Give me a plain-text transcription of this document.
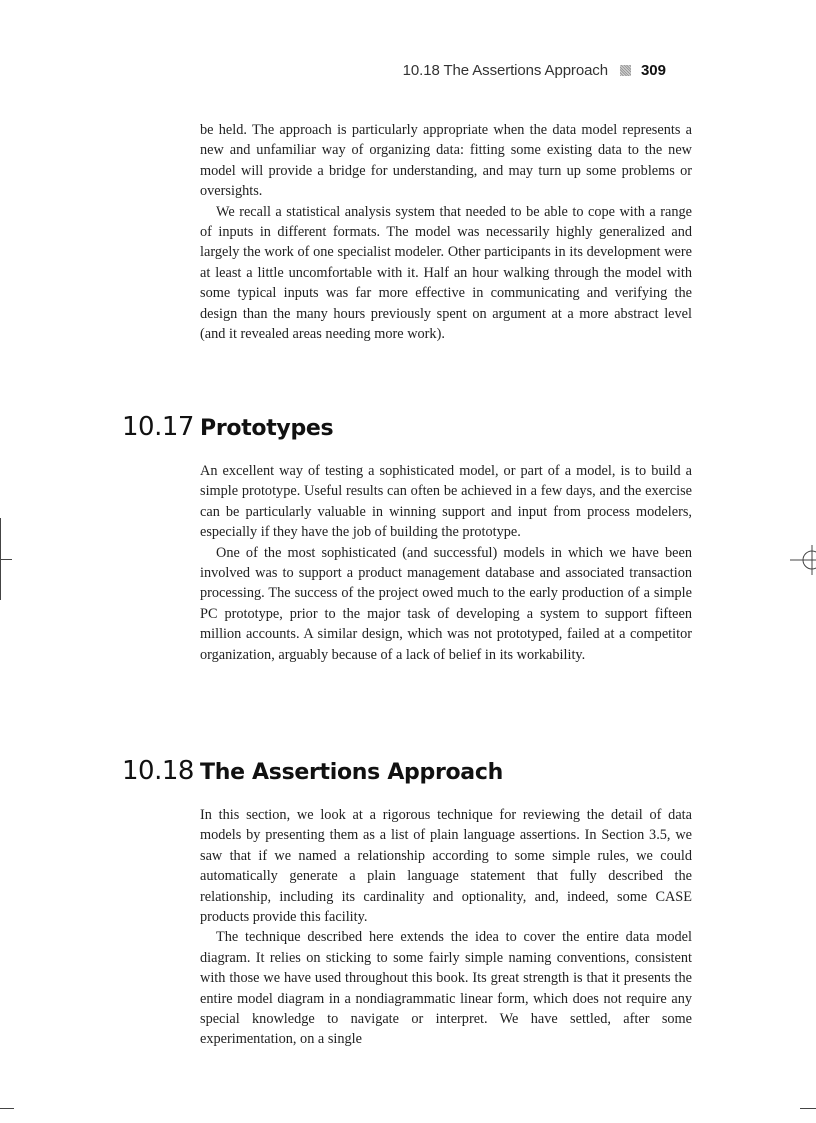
10.18 The Assertions Approach 309

be held. The approach is particularly appropriate when the data model represents a new and unfamiliar way of organizing data: fitting some existing data to the new model will provide a bridge for understanding, and may turn up some problems or oversights.

We recall a statistical analysis system that needed to be able to cope with a range of inputs in different formats. The model was necessarily highly generalized and largely the work of one specialist modeler. Other participants in its development were at least a little uncomfortable with it. Half an hour walking through the model with some typical inputs was far more effective in communicating and verifying the design than the many hours previously spent on argument at a more abstract level (and it revealed areas needing more work).

10.17 Prototypes

An excellent way of testing a sophisticated model, or part of a model, is to build a simple prototype. Useful results can often be achieved in a few days, and the exercise can be particularly valuable in winning support and input from process modelers, especially if they have the job of building the prototype.

One of the most sophisticated (and successful) models in which we have been involved was to support a product management database and associated transaction processing. The success of the project owed much to the early production of a simple PC prototype, prior to the major task of developing a system to support fifteen million accounts. A similar design, which was not prototyped, failed at a competitor organization, arguably because of a lack of belief in its workability.

10.18 The Assertions Approach

In this section, we look at a rigorous technique for reviewing the detail of data models by presenting them as a list of plain language assertions. In Section 3.5, we saw that if we named a relationship according to some simple rules, we could automatically generate a plain language statement that fully described the relationship, including its cardinality and optionality, and, indeed, some CASE products provide this facility.

The technique described here extends the idea to cover the entire data model diagram. It relies on sticking to some fairly simple naming conventions, consistent with those we have used throughout this book. Its great strength is that it presents the entire model diagram in a nondiagrammatic linear form, which does not require any special knowledge to navigate or interpret. We have settled, after some experimentation, on a single
